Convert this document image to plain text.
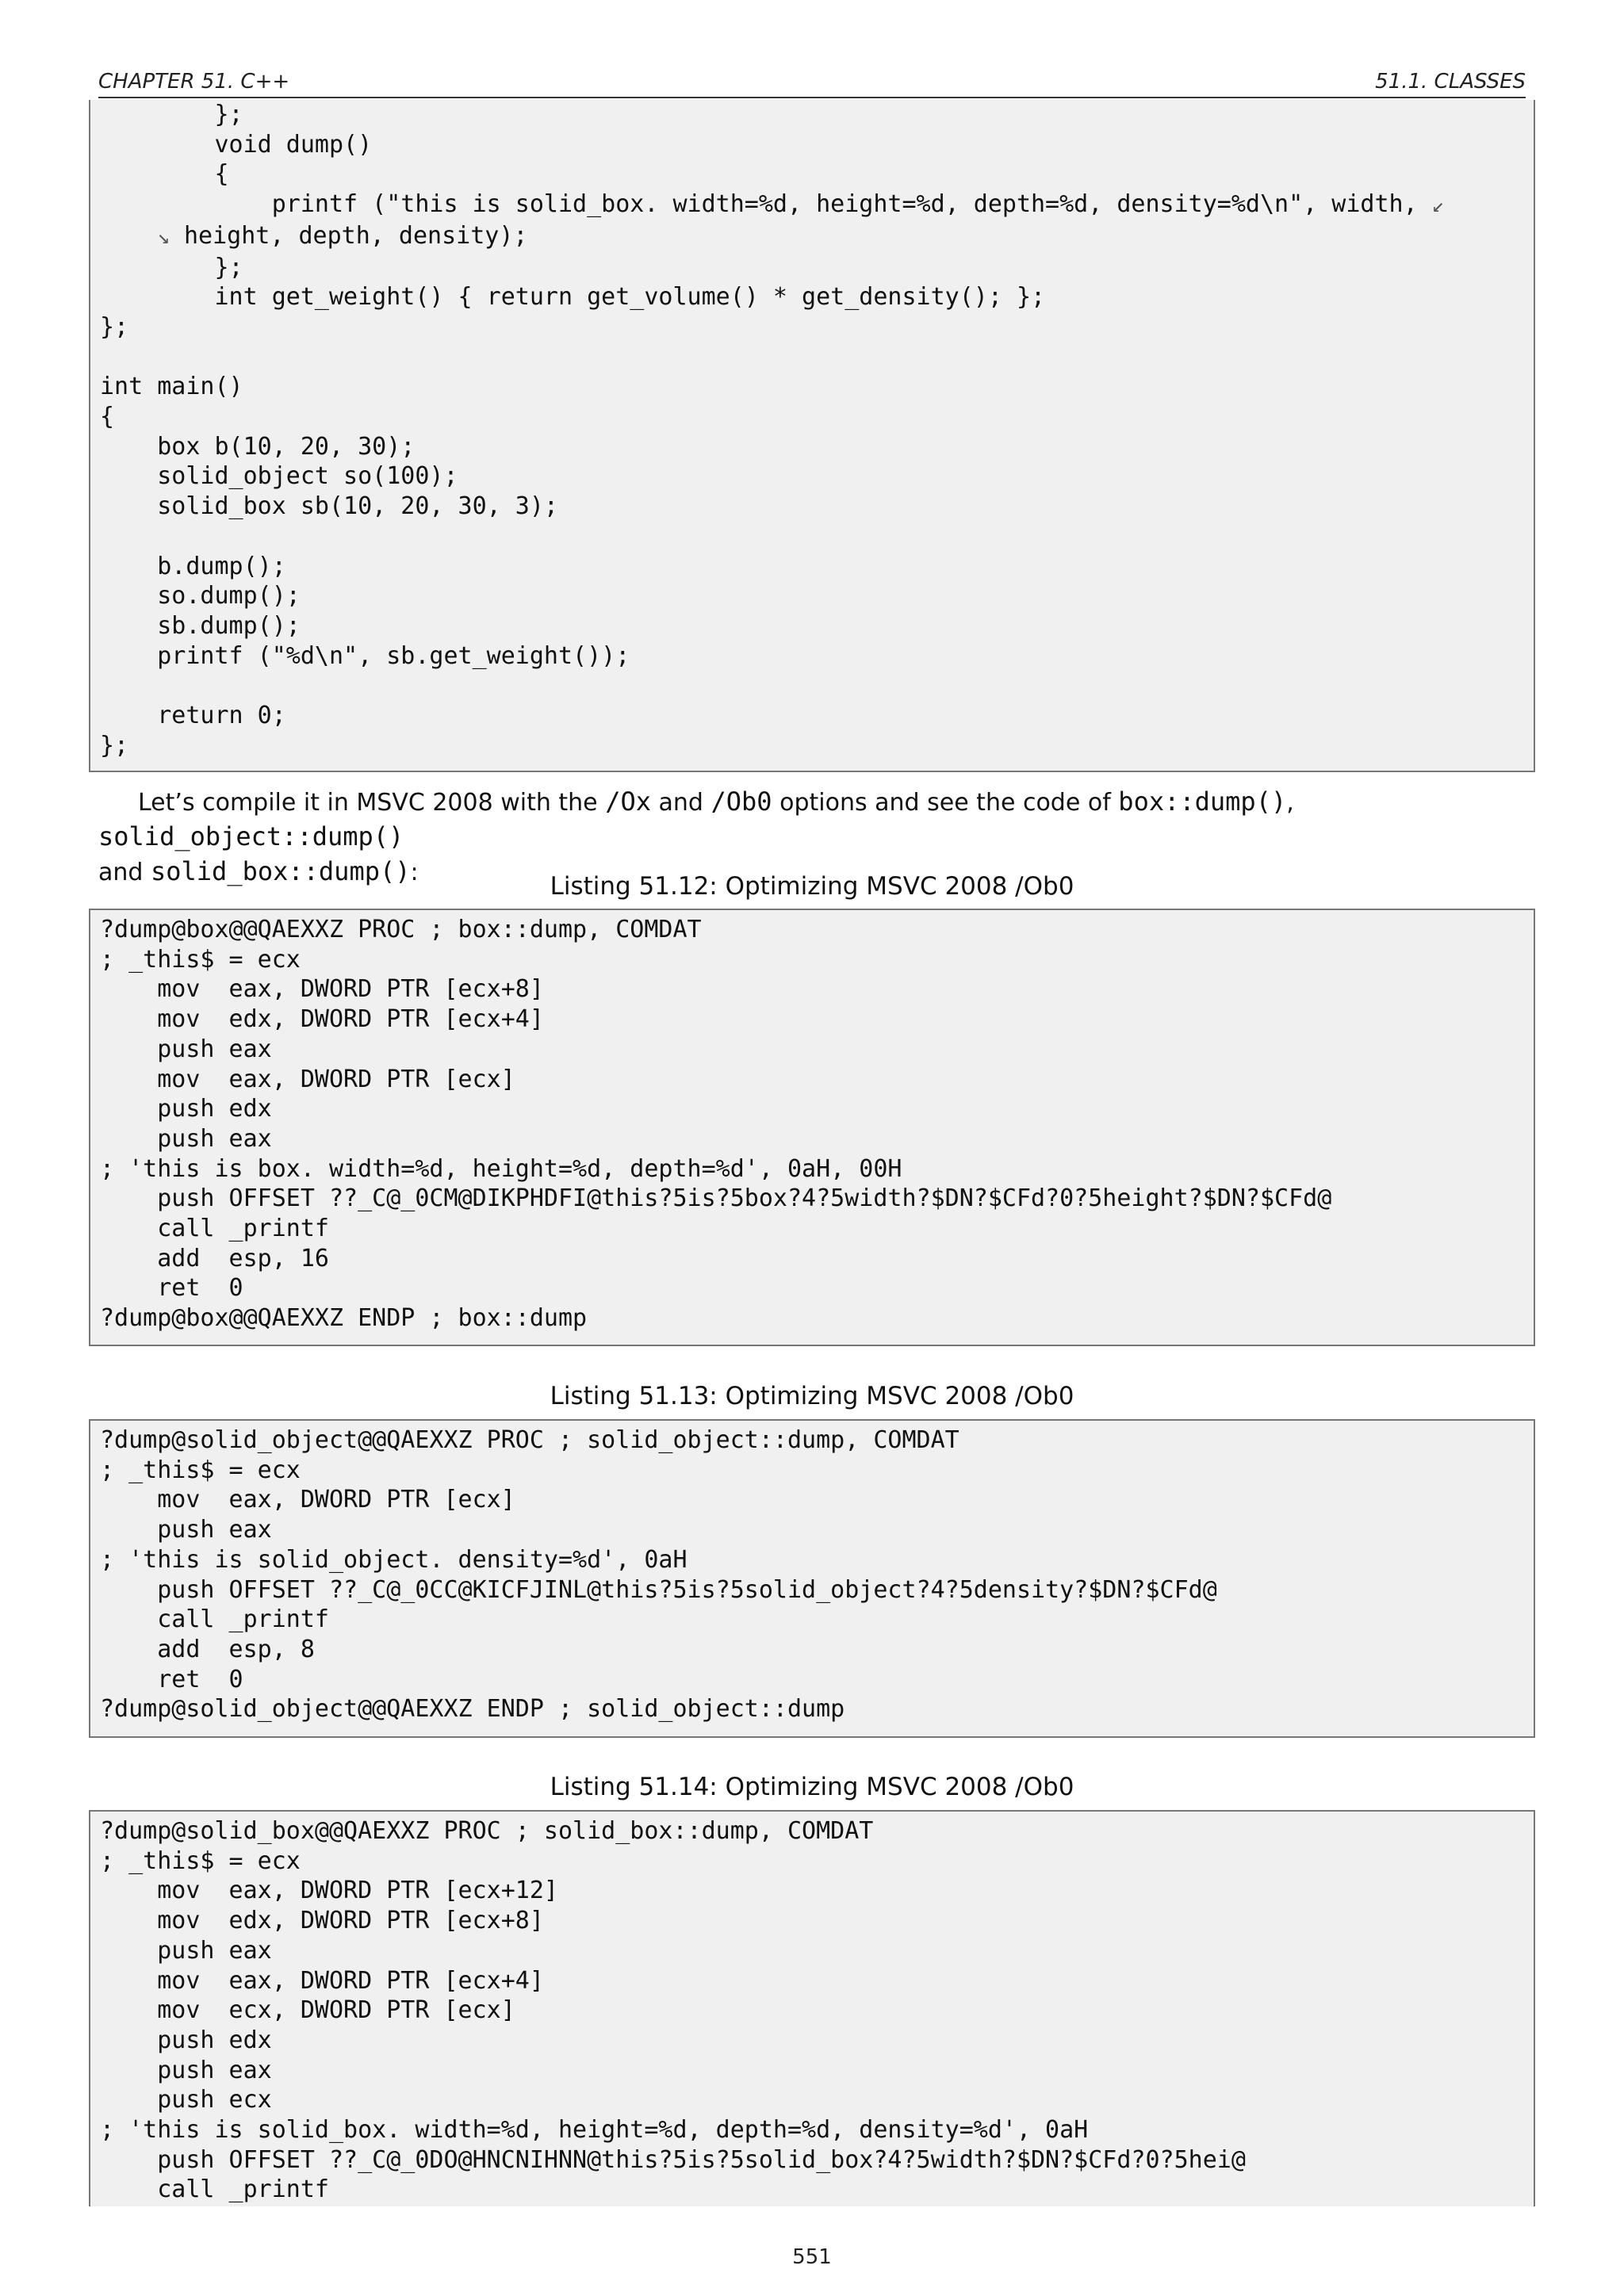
CHAPTER 51. C++	51.1. CLASSES
};
void dump()
{
printf ("this is solid_box. width=%d, height=%d, depth=%d, density=%d\n", width, ↙
↘ height, depth, density);
};
int get_weight() { return get_volume() * get_density(); };
};

int main()
{
box b(10, 20, 30);
solid_object so(100);
solid_box sb(10, 20, 30, 3);

b.dump();
so.dump();
sb.dump();
printf ("%d\n", sb.get_weight());

return 0;
};
Let’s compile it in MSVC 2008 with the /Ox and /Ob0 options and see the code of box::dump(), solid_object::dump()
and solid_box::dump():	Listing 51.12: Optimizing MSVC 2008 /Ob0
?dump@box@@QAEXXZ PROC ; box::dump, COMDAT
; _this$ = ecx
mov  eax, DWORD PTR [ecx+8]
mov  edx, DWORD PTR [ecx+4]
push eax
mov  eax, DWORD PTR [ecx]
push edx
push eax
; 'this is box. width=%d, height=%d, depth=%d', 0aH, 00H
push OFFSET ??_C@_0CM@DIKPHDFI@this?5is?5box?4?5width?$DN?$CFd?0?5height?$DN?$CFd@
call _printf
add  esp, 16
ret  0
?dump@box@@QAEXXZ ENDP ; box::dump
Listing 51.13: Optimizing MSVC 2008 /Ob0
?dump@solid_object@@QAEXXZ PROC ; solid_object::dump, COMDAT
; _this$ = ecx
mov  eax, DWORD PTR [ecx]
push eax
; 'this is solid_object. density=%d', 0aH
push OFFSET ??_C@_0CC@KICFJINL@this?5is?5solid_object?4?5density?$DN?$CFd@
call _printf
add  esp, 8
ret  0
?dump@solid_object@@QAEXXZ ENDP ; solid_object::dump
Listing 51.14: Optimizing MSVC 2008 /Ob0
?dump@solid_box@@QAEXXZ PROC ; solid_box::dump, COMDAT
; _this$ = ecx
mov  eax, DWORD PTR [ecx+12]
mov  edx, DWORD PTR [ecx+8]
push eax
mov  eax, DWORD PTR [ecx+4]
mov  ecx, DWORD PTR [ecx]
push edx
push eax
push ecx
; 'this is solid_box. width=%d, height=%d, depth=%d, density=%d', 0aH
push OFFSET ??_C@_0DO@HNCNIHNN@this?5is?5solid_box?4?5width?$DN?$CFd?0?5hei@
call _printf
551
